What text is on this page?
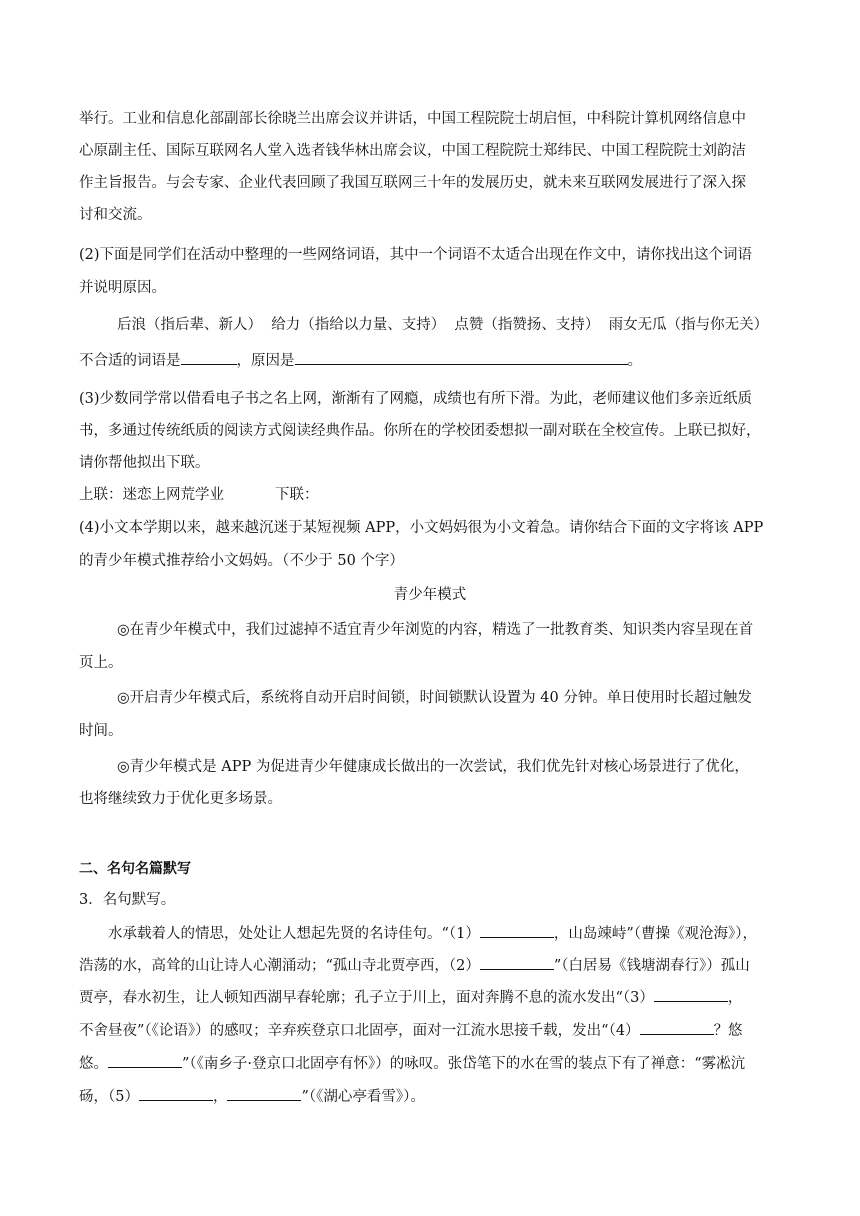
举行。工业和信息化部副部长徐晓兰出席会议并讲话，中国工程院院士胡启恒，中科院计算机网络信息中
心原副主任、国际互联网名人堂入选者钱华林出席会议，中国工程院院士郑纬民、中国工程院院士刘韵洁
作主旨报告。与会专家、企业代表回顾了我国互联网三十年的发展历史，就未来互联网发展进行了深入探
讨和交流。
(2)下面是同学们在活动中整理的一些网络词语，其中一个词语不太适合出现在作文中，请你找出这个词语
并说明原因。
后浪（指后辈、新人）  给力（指给以力量、支持）  点赞（指赞扬、支持）  雨女无瓜（指与你无关）
不合适的词语是	，原因是	。
(3)少数同学常以借看电子书之名上网，渐渐有了网瘾，成绩也有所下滑。为此，老师建议他们多亲近纸质
书，多通过传统纸质的阅读方式阅读经典作品。你所在的学校团委想拟一副对联在全校宣传。上联已拟好，
请你帮他拟出下联。
上联：迷恋上网荒学业	下联：
(4)小文本学期以来，越来越沉迷于某短视频 APP，小文妈妈很为小文着急。请你结合下面的文字将该 APP
的青少年模式推荐给小文妈妈。（不少于 50 个字）
青少年模式
◎在青少年模式中，我们过滤掉不适宜青少年浏览的内容，精选了一批教育类、知识类内容呈现在首
页上。
◎开启青少年模式后，系统将自动开启时间锁，时间锁默认设置为 40 分钟。单日使用时长超过触发
时间。
◎青少年模式是 APP 为促进青少年健康成长做出的一次尝试，我们优先针对核心场景进行了优化，
也将继续致力于优化更多场景。
二、名句名篇默写
3．名句默写。
水承载着人的情思，处处让人想起先贤的名诗佳句。“（1）	，山岛竦峙”（曹操《观沧海》），
浩荡的水，高耸的山让诗人心潮涌动；“孤山寺北贾亭西，（2）	”（白居易《钱塘湖春行》）孤山
贾亭，春水初生，让人顿知西湖早春轮廓；孔子立于川上，面对奔腾不息的流水发出“（3）	，
不舍昼夜”（《论语》）的感叹；辛弃疾登京口北固亭，面对一江流水思接千载，发出“（4）	？悠
悠。	”（《南乡子·登京口北固亭有怀》）的咏叹。张岱笔下的水在雪的装点下有了禅意：“雾凇沆
砀，（5）	，	”（《湖心亭看雪》）。
